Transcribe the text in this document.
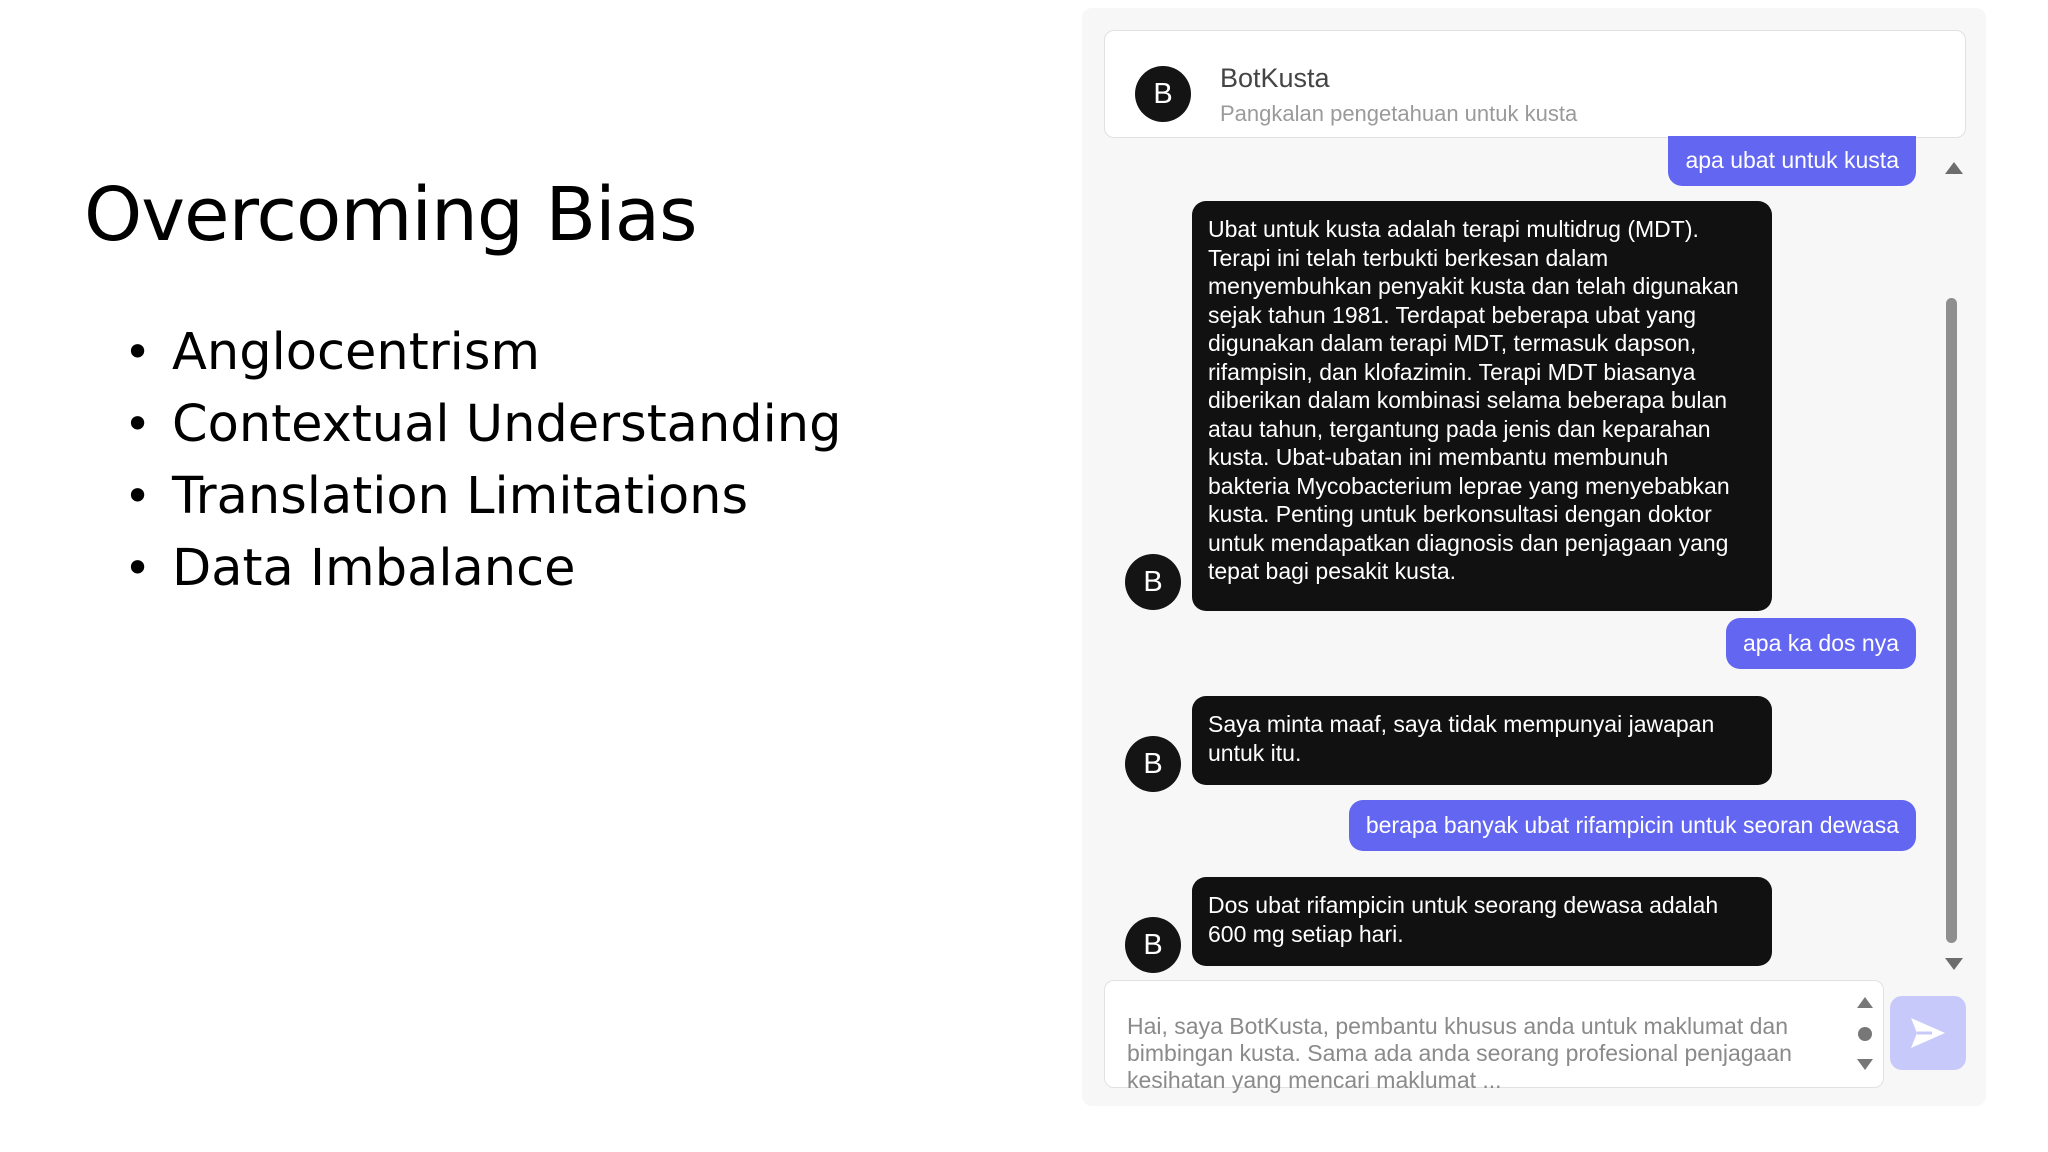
Overcoming Bias
• Anglocentrism
• Contextual Understanding
• Translation Limitations
• Data Imbalance
B	BotKusta
Pangkalan pengetahuan untuk kusta
apa ubat untuk kusta
B
Ubat untuk kusta adalah terapi multidrug (MDT). Terapi ini telah terbukti berkesan dalam menyembuhkan penyakit kusta dan telah digunakan sejak tahun 1981. Terdapat beberapa ubat yang digunakan dalam terapi MDT, termasuk dapson, rifampisin, dan klofazimin. Terapi MDT biasanya diberikan dalam kombinasi selama beberapa bulan atau tahun, tergantung pada jenis dan keparahan kusta. Ubat-ubatan ini membantu membunuh bakteria Mycobacterium leprae yang menyebabkan kusta. Penting untuk berkonsultasi dengan doktor untuk mendapatkan diagnosis dan penjagaan yang tepat bagi pesakit kusta.
apa ka dos nya
B
Saya minta maaf, saya tidak mempunyai jawapan untuk itu.
berapa banyak ubat rifampicin untuk seoran dewasa
B
Dos ubat rifampicin untuk seorang dewasa adalah 600 mg setiap hari.
Hai, saya BotKusta, pembantu khusus anda untuk maklumat dan bimbingan kusta. Sama ada anda seorang profesional penjagaan kesihatan yang mencari maklumat ...
